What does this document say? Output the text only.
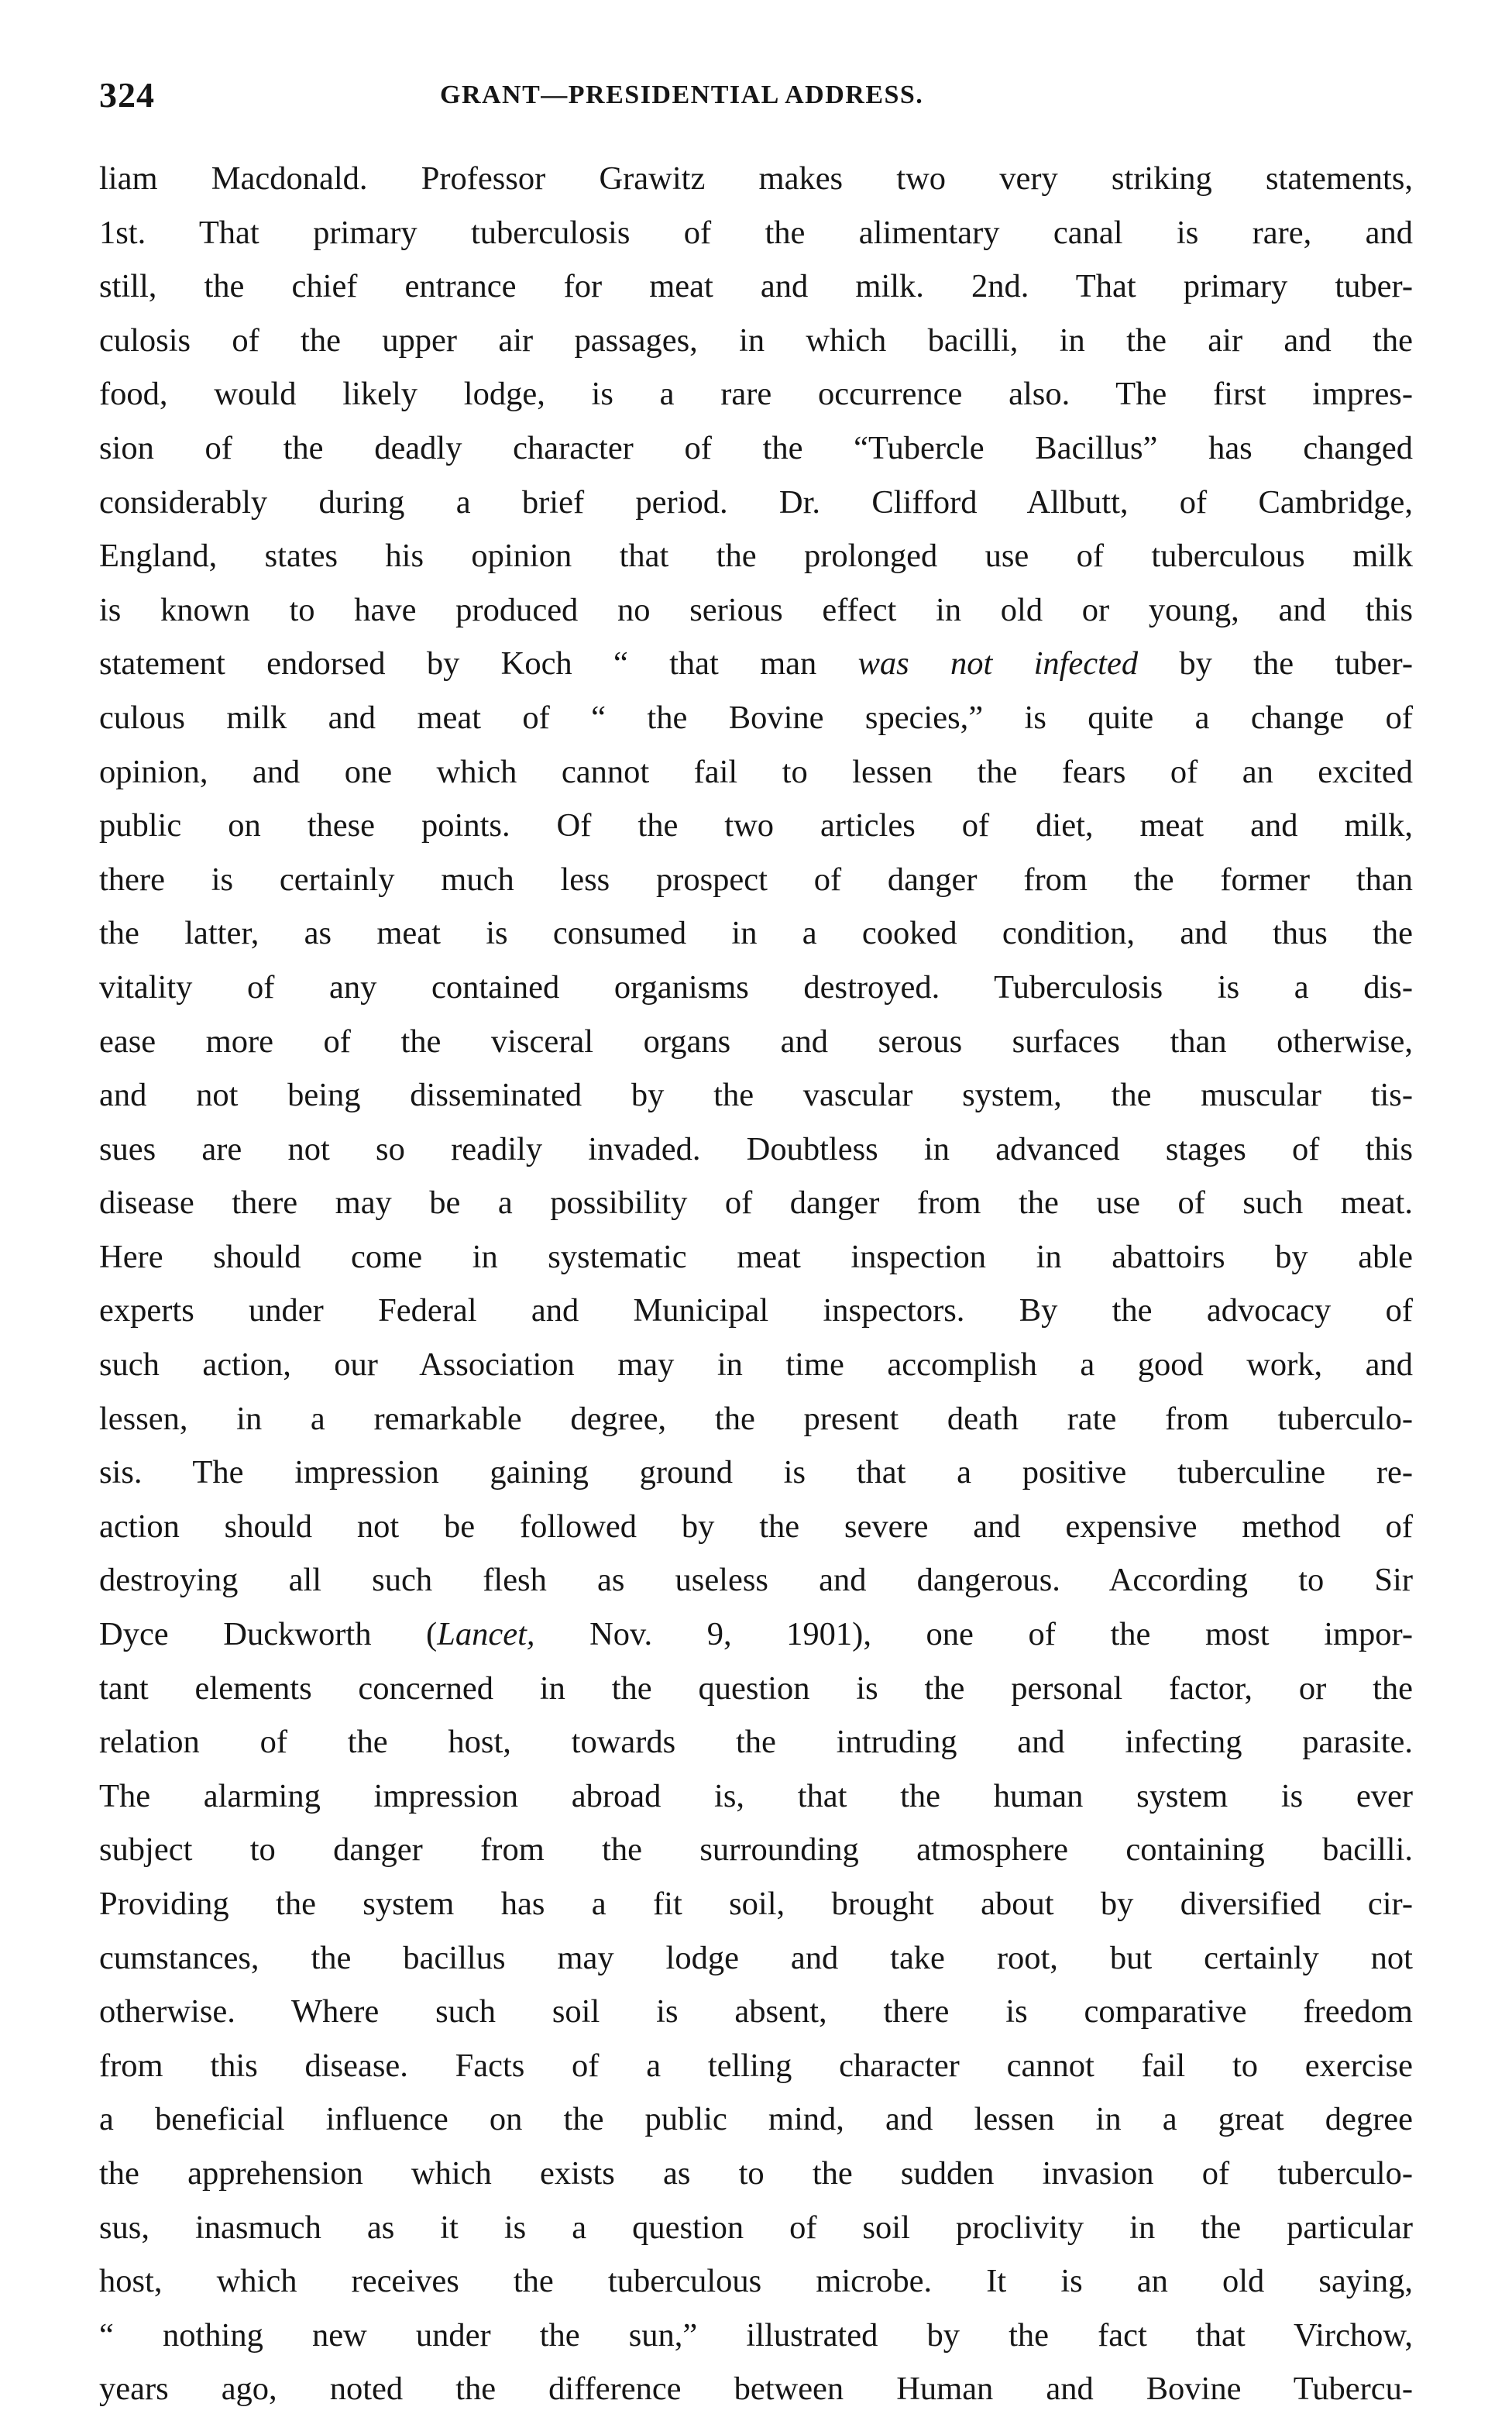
324	GRANT—PRESIDENTIAL ADDRESS.
liam Macdonald. Professor Grawitz makes two very striking statements,
1st. That primary tuberculosis of the alimentary canal is rare, and
still, the chief entrance for meat and milk. 2nd. That primary tuber-
culosis of the upper air passages, in which bacilli, in the air and the
food, would likely lodge, is a rare occurrence also. The first impres-
sion of the deadly character of the “Tubercle Bacillus” has changed
considerably during a brief period. Dr. Clifford Allbutt, of Cambridge,
England, states his opinion that the prolonged use of tuberculous milk
is known to have produced no serious effect in old or young, and this
statement endorsed by Koch “ that man was not infected by the tuber-
culous milk and meat of “ the Bovine species,” is quite a change of
opinion, and one which cannot fail to lessen the fears of an excited
public on these points. Of the two articles of diet, meat and milk,
there is certainly much less prospect of danger from the former than
the latter, as meat is consumed in a cooked condition, and thus the
vitality of any contained organisms destroyed. Tuberculosis is a dis-
ease more of the visceral organs and serous surfaces than otherwise,
and not being disseminated by the vascular system, the muscular tis-
sues are not so readily invaded. Doubtless in advanced stages of this
disease there may be a possibility of danger from the use of such meat.
Here should come in systematic meat inspection in abattoirs by able
experts under Federal and Municipal inspectors. By the advocacy of
such action, our Association may in time accomplish a good work, and
lessen, in a remarkable degree, the present death rate from tuberculo-
sis. The impression gaining ground is that a positive tuberculine re-
action should not be followed by the severe and expensive method of
destroying all such flesh as useless and dangerous. According to Sir
Dyce Duckworth (Lancet, Nov. 9, 1901), one of the most impor-
tant elements concerned in the question is the personal factor, or the
relation of the host, towards the intruding and infecting parasite.
The alarming impression abroad is, that the human system is ever
subject to danger from the surrounding atmosphere containing bacilli.
Providing the system has a fit soil, brought about by diversified cir-
cumstances, the bacillus may lodge and take root, but certainly not
otherwise. Where such soil is absent, there is comparative freedom
from this disease. Facts of a telling character cannot fail to exercise
a beneficial influence on the public mind, and lessen in a great degree
the apprehension which exists as to the sudden invasion of tuberculo-
sus, inasmuch as it is a question of soil proclivity in the particular
host, which receives the tuberculous microbe. It is an old saying,
“ nothing new under the sun,” illustrated by the fact that Virchow,
years ago, noted the difference between Human and Bovine Tubercu-
